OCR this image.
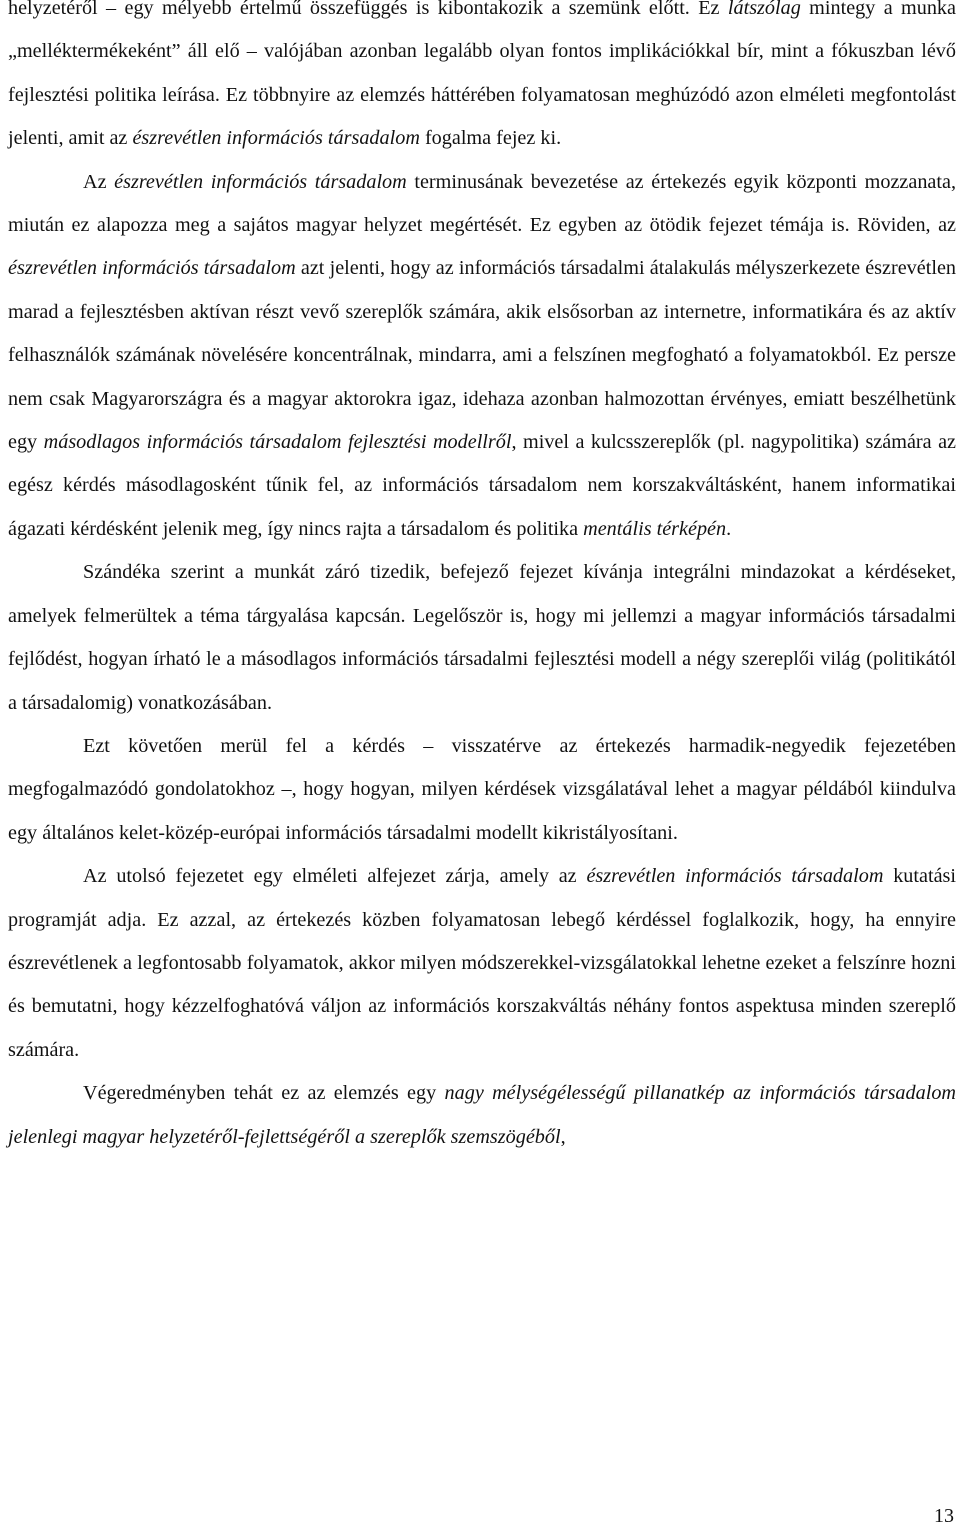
helyzetéről – egy mélyebb értelmű összefüggés is kibontakozik a szemünk előtt. Ez látszólag mintegy a munka „melléktermékeként” áll elő – valójában azonban legalább olyan fontos implikációkkal bír, mint a fókuszban lévő fejlesztési politika leírása. Ez többnyire az elemzés háttérében folyamatosan meghúzódó azon elméleti megfontolást jelenti, amit az észrevétlen információs társadalom fogalma fejez ki.

Az észrevétlen információs társadalom terminusának bevezetése az értekezés egyik központi mozzanata, miután ez alapozza meg a sajátos magyar helyzet megértését. Ez egyben az ötödik fejezet témája is. Röviden, az észrevétlen információs társadalom azt jelenti, hogy az információs társadalmi átalakulás mélyszerkezete észrevétlen marad a fejlesztésben aktívan részt vevő szereplők számára, akik elsősorban az internetre, informatikára és az aktív felhasználók számának növelésére koncentrálnak, mindarra, ami a felszínen megfogható a folyamatokból. Ez persze nem csak Magyarországra és a magyar aktorokra igaz, idehaza azonban halmozottan érvényes, emiatt beszélhetünk egy másodlagos információs társadalom fejlesztési modellről, mivel a kulcsszereplők (pl. nagypolitika) számára az egész kérdés másodlagosként tűnik fel, az információs társadalom nem korszakváltásként, hanem informatikai ágazati kérdésként jelenik meg, így nincs rajta a társadalom és politika mentális térképén.

Szándéka szerint a munkát záró tizedik, befejező fejezet kívánja integrálni mindazokat a kérdéseket, amelyek felmerültek a téma tárgyalása kapcsán. Legelőször is, hogy mi jellemzi a magyar információs társadalmi fejlődést, hogyan írható le a másodlagos információs társadalmi fejlesztési modell a négy szereplői világ (politikától a társadalomig) vonatkozásában.

Ezt követően merül fel a kérdés – visszatérve az értekezés harmadik-negyedik fejezetében megfogalmazódó gondolatokhoz –, hogy hogyan, milyen kérdések vizsgálatával lehet a magyar példából kiindulva egy általános kelet-közép-európai információs társadalmi modellt kikristályosítani.

Az utolsó fejezetet egy elméleti alfejezet zárja, amely az észrevétlen információs társadalom kutatási programját adja. Ez azzal, az értekezés közben folyamatosan lebegő kérdéssel foglalkozik, hogy, ha ennyire észrevétlenek a legfontosabb folyamatok, akkor milyen módszerekkel-vizsgálatokkal lehetne ezeket a felszínre hozni és bemutatni, hogy kézzelfoghatóvá váljon az információs korszakváltás néhány fontos aspektusa minden szereplő számára.

Végeredményben tehát ez az elemzés egy nagy mélységélességű pillanatkép az információs társadalom jelenlegi magyar helyzetéről-fejlettségéről a szereplők szemszögéből,

13
